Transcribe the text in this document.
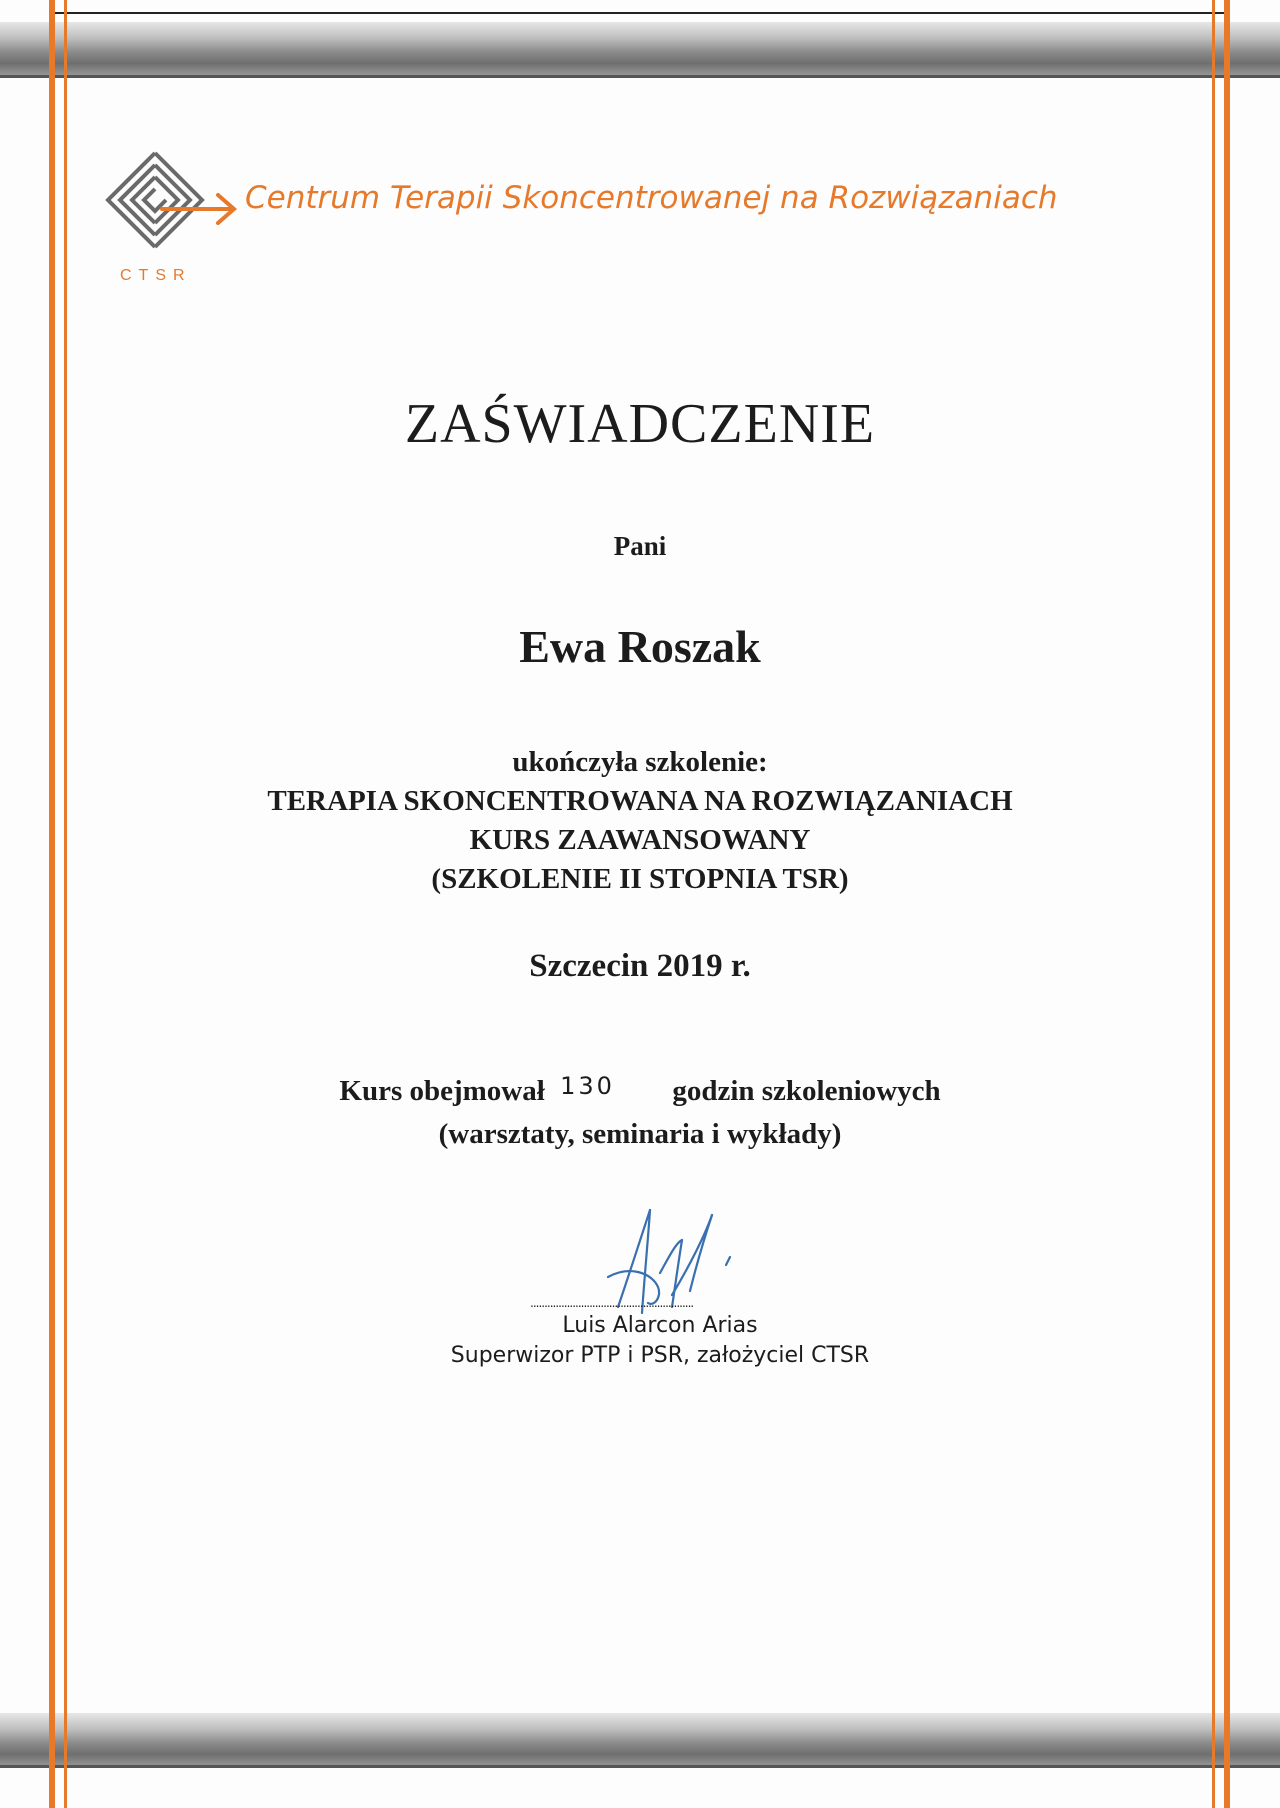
CTSR
Centrum Terapii Skoncentrowanej na Rozwiązaniach
ZAŚWIADCZENIE
Pani
Ewa Roszak
ukończyła szkolenie:
TERAPIA SKONCENTROWANA NA ROZWIĄZANIACH
KURS ZAAWANSOWANY
(SZKOLENIE II STOPNIA TSR)
Szczecin 2019 r.
Kurs obejmował 130 godzin szkoleniowych
(warsztaty, seminaria i wykłady)
..........................................................
Luis Alarcon Arias
Superwizor PTP i PSR, założyciel CTSR
